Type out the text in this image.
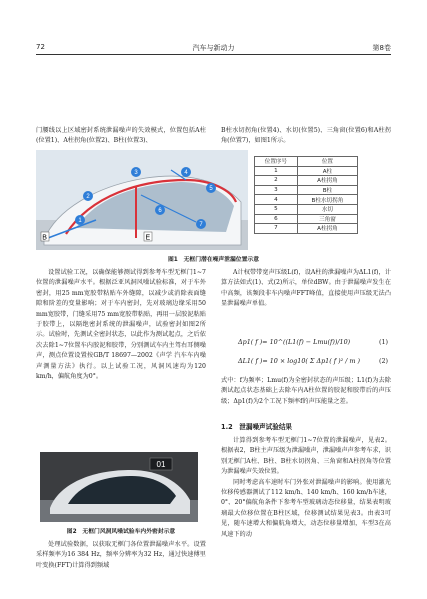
72	汽车与新动力	第8卷

门腰线以上区域密封系统泄漏噪声的失效模式，位置包括A柱(位置1)、A柱拐角(位置2)、B柱(位置3)、

B柱水切拐角(位置4)、水切(位置5)、三角窗(位置6)和A柱拐角(位置7)，如图1所示。

B	E
1
2
3	4
5
6
7
位置序号	位置
1	A柱
2	A柱拐角
3	B柱
4	B柱水切拐角
5	水切
6	三角窗
7	A柱拐角
图1　无框门潜在噪声泄漏位置示意

设置试验工况，以确保能够测试得到参考车型无框门1~7位置的泄漏噪声水平。根据泛亚风洞风噪试验标准，对于车外密封，用25 mm宽胶带粘贴车外缝隙，以减少或消除表面缝隙和阶差的变量影响；对于车内密封，先对玻璃边缘采用50 mm宽胶带，门缝采用75 mm宽胶带粘贴，再用一层胶泥粘贴于胶带上，以隔绝密封系统的泄漏噪声，试验密封如图2所示。试验时，先测试全密封状态，以此作为测试起点，之后依次去除1~7位置车内胶泥和胶带，分别测试车内主驾右耳侧噪声，测点位置设置按GB/T 18697—2002《声学 汽车车内噪声测量方法》执行。以上试验工况，风洞风速均为120 km/h，偏航角度为0°。

01
图2　无框门风洞风噪试验车内外密封示意

处理试验数据，以获取无框门各位置泄漏噪声水平。设置采样频率为16 384 Hz，频率分辨率为32 Hz，通过快速傅里叶变换(FFT)计算得到频域

A计权带带宽声压级L(f)，设A柱的泄漏噪声为ΔL1(f)，计算方法如式(1)、式(2)所示，单位dBW。由于泄漏噪声发生在中高频，该频段非车内噪声FFT峰值，直接使用声压级无法凸显泄漏噪声单值。

Δp1( f )= 10^((L1(f) − Lmu(f))/10)	(1)
ΔL1( f )= 10 × log10( Σ Δp1( f )² / m )	(2)

式中：f为频率；Lmu(f)为全密封状态的声压级；L1(f)为去除测试起点状态基础上去除车内A柱位置的胶泥和胶带后的声压级；Δp1(f)为2个工况下频率f的声压能量之差。

1.2　泄漏噪声试验结果

计算得到参考车型无框门1~7位置的泄漏噪声，见表2。根据表2，B柱主声压级为泄漏噪声，泄漏噪声声参考车求，识别无框门A柱、B柱、B柱水切拐角、三角窗和A柱拐角等位置为泄漏噪声失效位置。

同时考虑高车速时车门外张对泄漏噪声的影响。使用激光位移传感器测试了112 km/h、140 km/h、160 km/h车速，0°、20°偏航角条件下参考车型玻璃动态位移量，结果表明玻璃最大位移位置在B柱区域，位移测试结果见表3。由表3可见，随车速增大和偏航角增大，动态位移量增加，车型3在高风速下的动
